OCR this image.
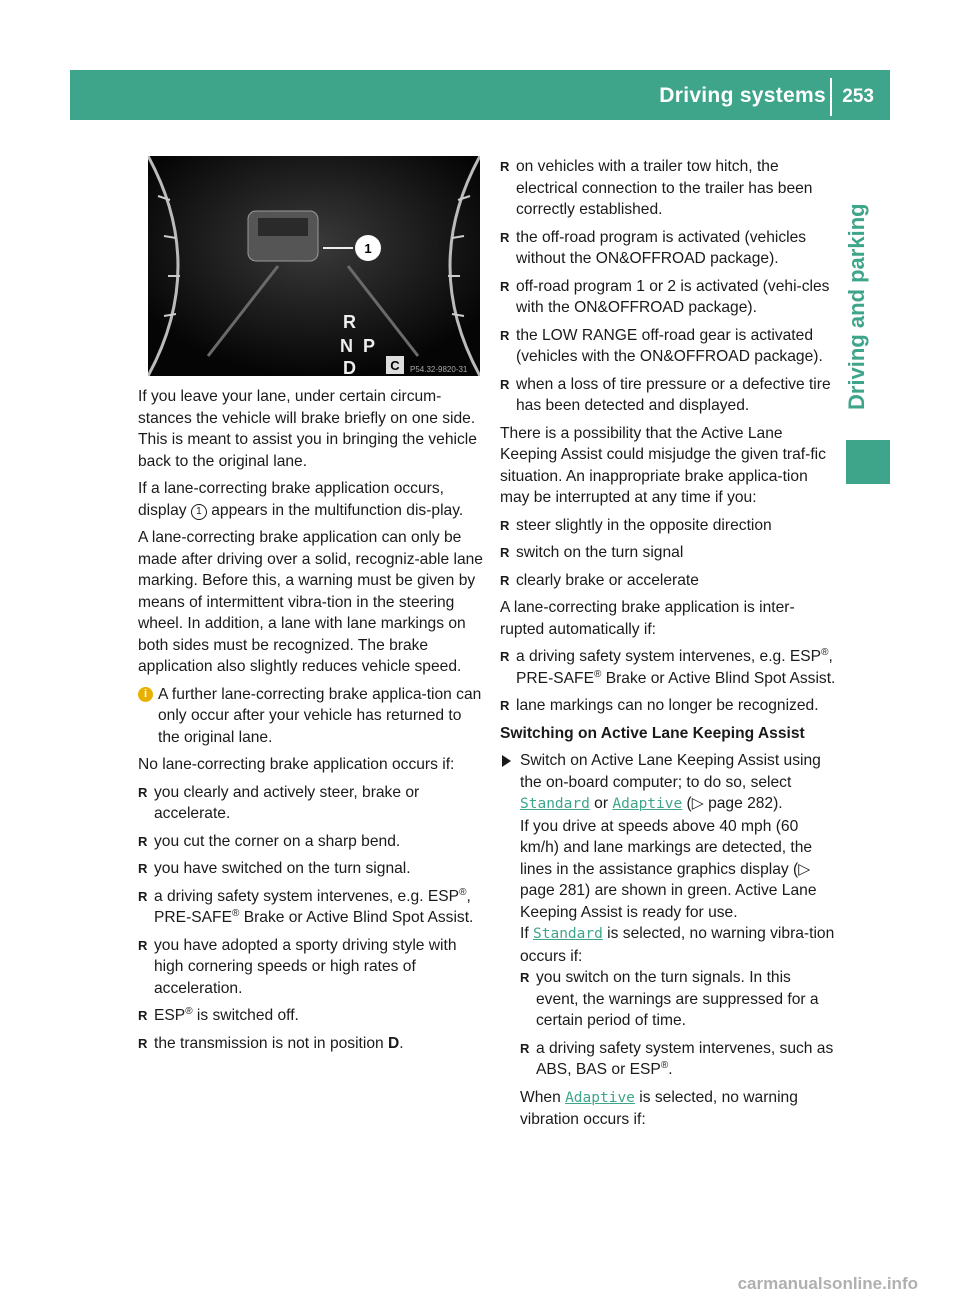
Driving systems 253
Driving and parking
1
R
N P
D	C P54.32-9820-31

If you leave your lane, under certain circum-stances the vehicle will brake briefly on one side. This is meant to assist you in bringing the vehicle back to the original lane.

If a lane-correcting brake application occurs, display 1 appears in the multifunction dis-play.

A lane-correcting brake application can only be made after driving over a solid, recogniz-able lane marking. Before this, a warning must be given by means of intermittent vibra-tion in the steering wheel. In addition, a lane with lane markings on both sides must be recognized. The brake application also slightly reduces vehicle speed.

i A further lane-correcting brake applica-tion can only occur after your vehicle has returned to the original lane.

No lane-correcting brake application occurs if:

R you clearly and actively steer, brake or accelerate.
R you cut the corner on a sharp bend.
R you have switched on the turn signal.
R a driving safety system intervenes, e.g. ESP®, PRE-SAFE® Brake or Active Blind Spot Assist.
R you have adopted a sporty driving style with high cornering speeds or high rates of acceleration.
R ESP® is switched off.
R the transmission is not in position D.
R on vehicles with a trailer tow hitch, the electrical connection to the trailer has been correctly established.
R the off-road program is activated (vehicles without the ON&OFFROAD package).
R off-road program 1 or 2 is activated (vehi-cles with the ON&OFFROAD package).
R the LOW RANGE off-road gear is activated (vehicles with the ON&OFFROAD package).
R when a loss of tire pressure or a defective tire has been detected and displayed.

There is a possibility that the Active Lane Keeping Assist could misjudge the given traf-fic situation. An inappropriate brake applica-tion may be interrupted at any time if you:

R steer slightly in the opposite direction
R switch on the turn signal
R clearly brake or accelerate

A lane-correcting brake application is inter-rupted automatically if:

R a driving safety system intervenes, e.g. ESP®, PRE-SAFE® Brake or Active Blind Spot Assist.
R lane markings can no longer be recognized.
Switching on Active Lane Keeping Assist
Switch on Active Lane Keeping Assist using the on-board computer; to do so, select Standard or Adaptive (▷ page 282).

If you drive at speeds above 40 mph (60 km/h) and lane markings are detected, the lines in the assistance graphics display (▷ page 281) are shown in green. Active Lane Keeping Assist is ready for use.

If Standard is selected, no warning vibra-tion occurs if:

R you switch on the turn signals. In this event, the warnings are suppressed for a certain period of time.
R a driving safety system intervenes, such as ABS, BAS or ESP®.

When Adaptive is selected, no warning vibration occurs if:

carmanualsonline.info
